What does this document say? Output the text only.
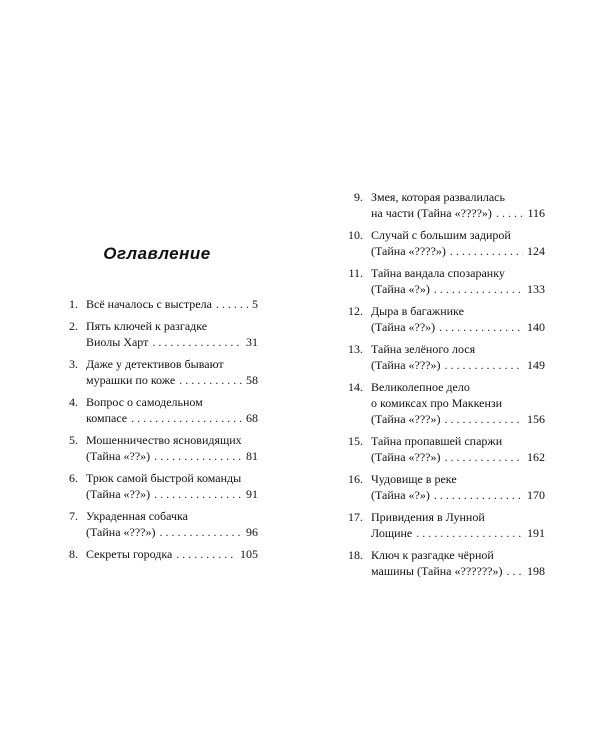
Оглавление
1. Всё началось с выстрела . . .	5
2. Пять ключей к разгадке
Виолы Харт . . .	31
3. Даже у детективов бывают
мурашки по коже . . .	58
4. Вопрос о самодельном
компасе . . .	68
5. Мошенничество ясновидящих
(Тайна «??») . . .	81
6. Трюк самой быстрой команды
(Тайна «??») . . .	91
7. Украденная собачка
(Тайна «???») . . .	96
8. Секреты городка . . .	105
9. Змея, которая развалилась
на части (Тайна «????») . . .	116
10. Случай с большим задирой
(Тайна «????») . . .	124
11. Тайна вандала спозаранку
(Тайна «?») . . .	133
12. Дыра в багажнике
(Тайна «??») . . .	140
13. Тайна зелёного лося
(Тайна «???») . . .	149
14. Великолепное дело
о комиксах про Маккензи
(Тайна «???») . . .	156
15. Тайна пропавшей спаржи
(Тайна «???») . . .	162
16. Чудовище в реке
(Тайна «?») . . .	170
17. Привидения в Лунной
Лощине . . .	191
18. Ключ к разгадке чёрной
машины (Тайна «??????») . . . 198
